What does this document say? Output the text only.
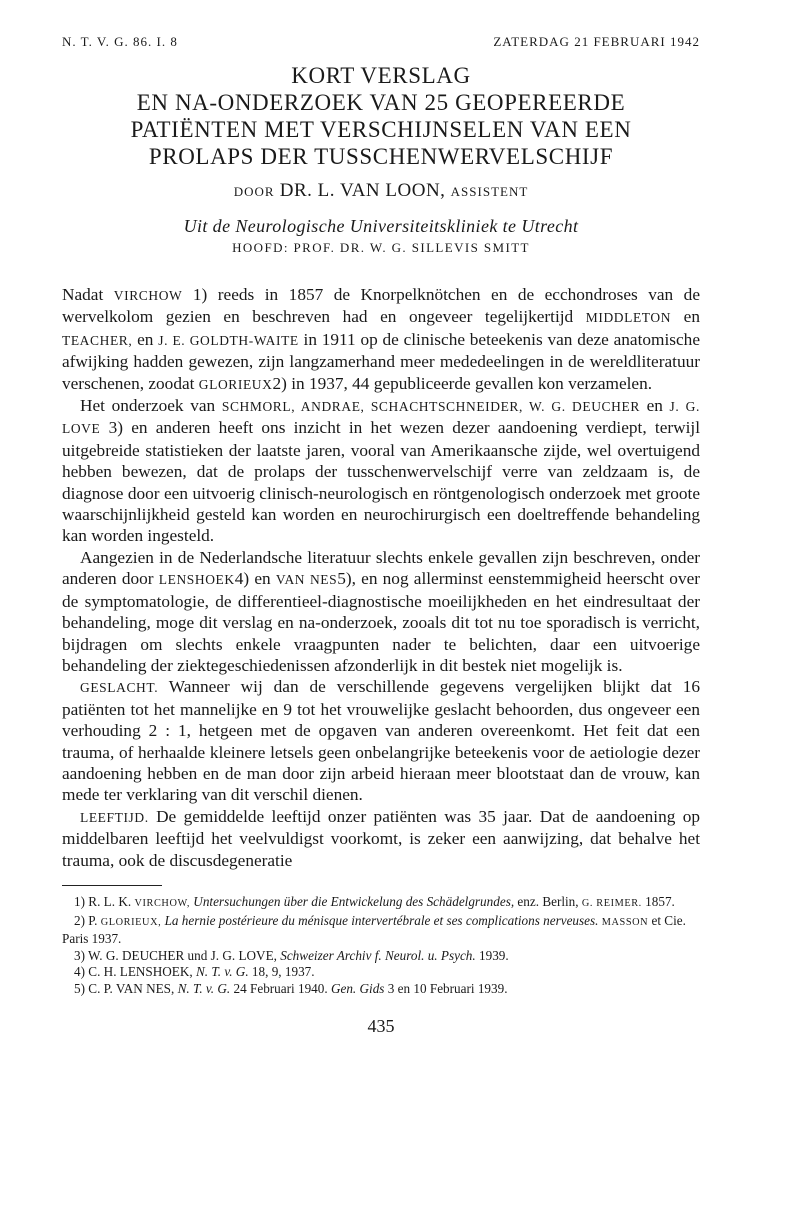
N. T. V. G. 86. I. 8	ZATERDAG 21 FEBRUARI 1942
KORT VERSLAG
EN NA-ONDERZOEK VAN 25 GEOPEREERDE
PATIËNTEN MET VERSCHIJNSELEN VAN EEN
PROLAPS DER TUSSCHENWERVELSCHIJF
DOOR DR. L. VAN LOON, ASSISTENT
Uit de Neurologische Universiteitskliniek te Utrecht
HOOFD: PROF. DR. W. G. SILLEVIS SMITT

Nadat VIRCHOW 1) reeds in 1857 de Knorpelknötchen en de ecchondroses van de wervelkolom gezien en beschreven had en ongeveer tegelijkertijd MIDDLETON en TEACHER, en J. E. GOLDTH-WAITE in 1911 op de clinische beteekenis van deze anatomische afwijking hadden gewezen, zijn langzamerhand meer mededeelingen in de wereldliteratuur verschenen, zoodat GLORIEUX2) in 1937, 44 gepubliceerde gevallen kon verzamelen.

Het onderzoek van SCHMORL, ANDRAE, SCHACHTSCHNEIDER, W. G. DEUCHER en J. G. LOVE 3) en anderen heeft ons inzicht in het wezen dezer aandoening verdiept, terwijl uitgebreide statistieken der laatste jaren, vooral van Amerikaansche zijde, wel overtuigend hebben bewezen, dat de prolaps der tusschenwervelschijf verre van zeldzaam is, de diagnose door een uitvoerig clinisch-neurologisch en röntgenologisch onderzoek met groote waarschijnlijkheid gesteld kan worden en neurochirurgisch een doeltreffende behandeling kan worden ingesteld.

Aangezien in de Nederlandsche literatuur slechts enkele gevallen zijn beschreven, onder anderen door LENSHOEK4) en VAN NES5), en nog allerminst eenstemmigheid heerscht over de symptomatologie, de differentieel-diagnostische moeilijkheden en het eindresultaat der behandeling, moge dit verslag en na-onderzoek, zooals dit tot nu toe sporadisch is verricht, bijdragen om slechts enkele vraagpunten nader te belichten, daar een uitvoerige behandeling der ziektegeschiedenissen afzonderlijk in dit bestek niet mogelijk is.

GESLACHT. Wanneer wij dan de verschillende gegevens vergelijken blijkt dat 16 patiënten tot het mannelijke en 9 tot het vrouwelijke geslacht behoorden, dus ongeveer een verhouding 2 : 1, hetgeen met de opgaven van anderen overeenkomt. Het feit dat een trauma, of herhaalde kleinere letsels geen onbelangrijke beteekenis voor de aetiologie dezer aandoening hebben en de man door zijn arbeid hieraan meer blootstaat dan de vrouw, kan mede ter verklaring van dit verschil dienen.

LEEFTIJD. De gemiddelde leeftijd onzer patiënten was 35 jaar. Dat de aandoening op middelbaren leeftijd het veelvuldigst voorkomt, is zeker een aanwijzing, dat behalve het trauma, ook de discusdegeneratie

1) R. L. K. VIRCHOW, Untersuchungen über die Entwickelung des Schädelgrundes, enz. Berlin, G. REIMER. 1857.
2) P. GLORIEUX, La hernie postérieure du ménisque intervertébrale et ses complications nerveuses. MASSON et Cie. Paris 1937.
3) W. G. DEUCHER und J. G. LOVE, Schweizer Archiv f. Neurol. u. Psych. 1939.
4) C. H. LENSHOEK, N. T. v. G. 18, 9, 1937.
5) C. P. VAN NES, N. T. v. G. 24 Februari 1940. Gen. Gids 3 en 10 Februari 1939.
435
